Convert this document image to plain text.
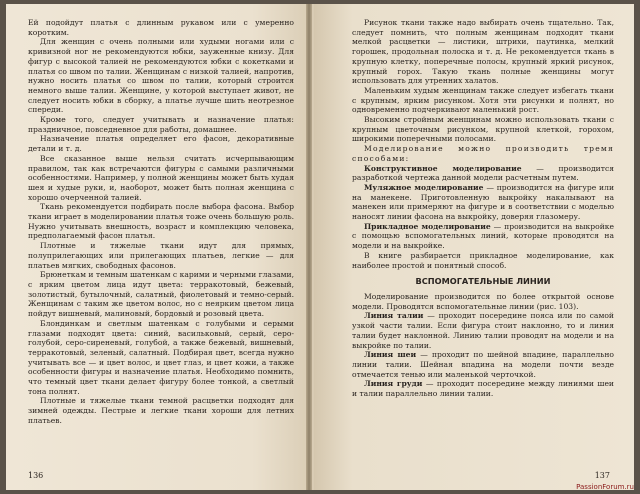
Ей подойдут платья с длинным рукавом или с умеренно коротким.

Для женщин с очень полными или худыми ногами или с кривизной ног не рекомендуются юбки, зауженные книзу. Для фигур с высокой талией не рекомендуются юбки с кокетками и платья со швом по талии. Женщинам с низкой талией, напротив, нужно носить платья со швом по талии, который строится немного выше талии. Женщине, у которой выступает живот, не следует носить юбки в сборку, а платье лучше шить неотрезное спереди.

Кроме того, следует учитывать и назначение платья: праздничное, повседневное для работы, домашнее.

Назначение платья определяет его фасон, декоративные детали и т. д.

Все сказанное выше нельзя считать исчерпывающим правилом, так как встречаются фигуры с самыми различными особенностями. Например, у полной женщины может быть худая шея и худые руки, и, наоборот, может быть полная женщина с хорошо очерченной талией.

Ткань рекомендуется подбирать после выбора фасона. Выбор ткани играет в моделировании платья тоже очень большую роль. Нужно учитывать внешность, возраст и комплекцию человека, предполагаемый фасон платья.

Плотные и тяжелые ткани идут для прямых, полуприлегающих или прилегающих платьев, легкие — для платьев мягких, свободных фасонов.

Брюнеткам и темным шатенкам с карими и черными глазами, с ярким цветом лица идут цвета: терракотовый, бежевый, золотистый, бутылочный, салатный, фиолетовый и темно-серый. Женщинам с таким же цветом волос, но с неярким цветом лица пойдут вишневый, малиновый, бордовый и розовый цвета.

Блондинкам и светлым шатенкам с голубыми и серыми глазами подходят цвета: синий, васильковый, серый, серо-голубой, серо-сиреневый, голубой, а также бежевый, вишневый, терракотовый, зеленый, салатный. Подбирая цвет, всегда нужно учитывать все — и цвет волос, и цвет глаз, и цвет кожи, а также особенности фигуры и назначение платья. Необходимо помнить, что темный цвет ткани делает фигуру более тонкой, а светлый тона полнят.

Плотные и тяжелые ткани темной расцветки подходят для зимней одежды. Пестрые и легкие ткани хороши для летних платьев.

136

Рисунок ткани также надо выбирать очень тщательно. Так, следует помнить, что полным женщинам подходят ткани мелкой расцветки — листики, штрихи, паутинка, мелкий горошек, продольная полоска и т. д. Не рекомендуется ткань в крупную клетку, поперечные полосы, крупный яркий рисунок, крупный горох. Такую ткань полные женщины могут использовать для утренних халатов.

Маленьким худым женщинам также следует избегать ткани с крупным, ярким рисунком. Хотя эти рисунки и полнят, но одновременно подчеркивают маленький рост.

Высоким стройным женщинам можно использовать ткани с крупным цветочным рисунком, крупной клеткой, горохом, широкими поперечными полосами.

Моделирование можно производить тремя способами:

Конструктивное моделирование — производится разработкой чертежа данной модели расчетным путем.

Муляжное моделирование — производится на фигуре или на манекене. Приготовленную выкройку накалывают на манекен или примеряют на фигуре и в соответствии с моделью наносят линии фасона на выкройку, доверяя глазомеру.

Прикладное моделирование — производится на выкройке с помощью вспомогательных линий, которые проводятся на модели и на выкройке.

В книге разбирается прикладное моделирование, как наиболее простой и понятный способ.

ВСПОМОГАТЕЛЬНЫЕ ЛИНИИ

Моделирование производится по более открытой основе модели. Проводятся вспомогательные линии (рис. 103).

Линия талии — проходит посередине пояса или по самой узкой части талии. Если фигура стоит наклонно, то и линия талии будет наклонной. Линию талии проводят на модели и на выкройке по талии.

Линия шеи — проходит по шейной впадине, параллельно линии талии. Шейная впадина на модели почти везде отмечается тенью или маленькой черточкой.

Линия груди — проходит посередине между линиями шеи и талии параллельно линии талии.

137
PassionForum.ru
